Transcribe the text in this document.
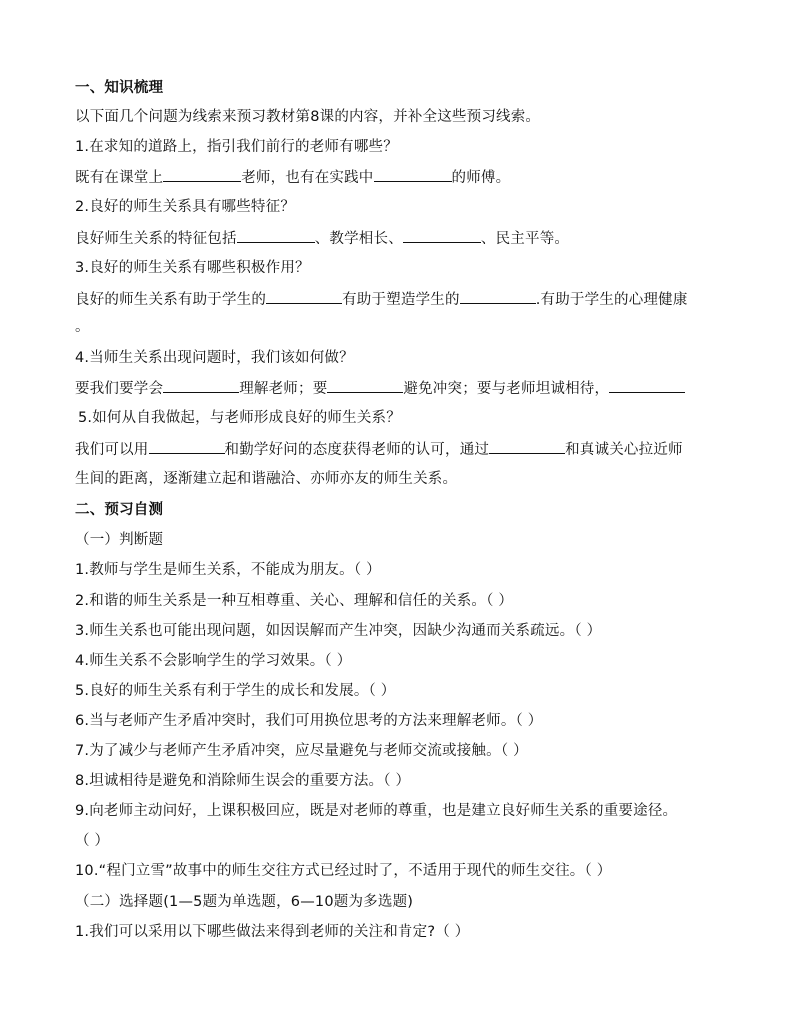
一、知识梳理
以下面几个问题为线索来预习教材第8课的内容，并补全这些预习线索。
1.在求知的道路上，指引我们前行的老师有哪些？
既有在课堂上	老师，也有在实践中	的师傅。
2.良好的师生关系具有哪些特征？
良好师生关系的特征包括	、教学相长、	、民主平等。
3.良好的师生关系有哪些积极作用？
良好的师生关系有助于学生的	有助于塑造学生的	.有助于学生的心理健康
。
4.当师生关系出现问题时，我们该如何做？
要我们要学会	理解老师；要	避免冲突；要与老师坦诚相待，
5.如何从自我做起，与老师形成良好的师生关系？
我们可以用	和勤学好问的态度获得老师的认可，通过	和真诚关心拉近师
生间的距离，逐渐建立起和谐融洽、亦师亦友的师生关系。
二、预习自测
（一）判断题
1.教师与学生是师生关系，不能成为朋友。（ ）
2.和谐的师生关系是一种互相尊重、关心、理解和信任的关系。（ ）
3.师生关系也可能出现问题，如因误解而产生冲突，因缺少沟通而关系疏远。（ ）
4.师生关系不会影响学生的学习效果。（ ）
5.良好的师生关系有利于学生的成长和发展。（ ）
6.当与老师产生矛盾冲突时，我们可用换位思考的方法来理解老师。（ ）
7.为了减少与老师产生矛盾冲突，应尽量避免与老师交流或接触。（ ）
8.坦诚相待是避免和消除师生误会的重要方法。（ ）
9.向老师主动问好，上课积极回应，既是对老师的尊重，也是建立良好师生关系的重要途径。
（ ）
10.“程门立雪”故事中的师生交往方式已经过时了，不适用于现代的师生交往。（ ）
（二）选择题(1—5题为单选题，6—10题为多选题)
1.我们可以采用以下哪些做法来得到老师的关注和肯定?（ ）
